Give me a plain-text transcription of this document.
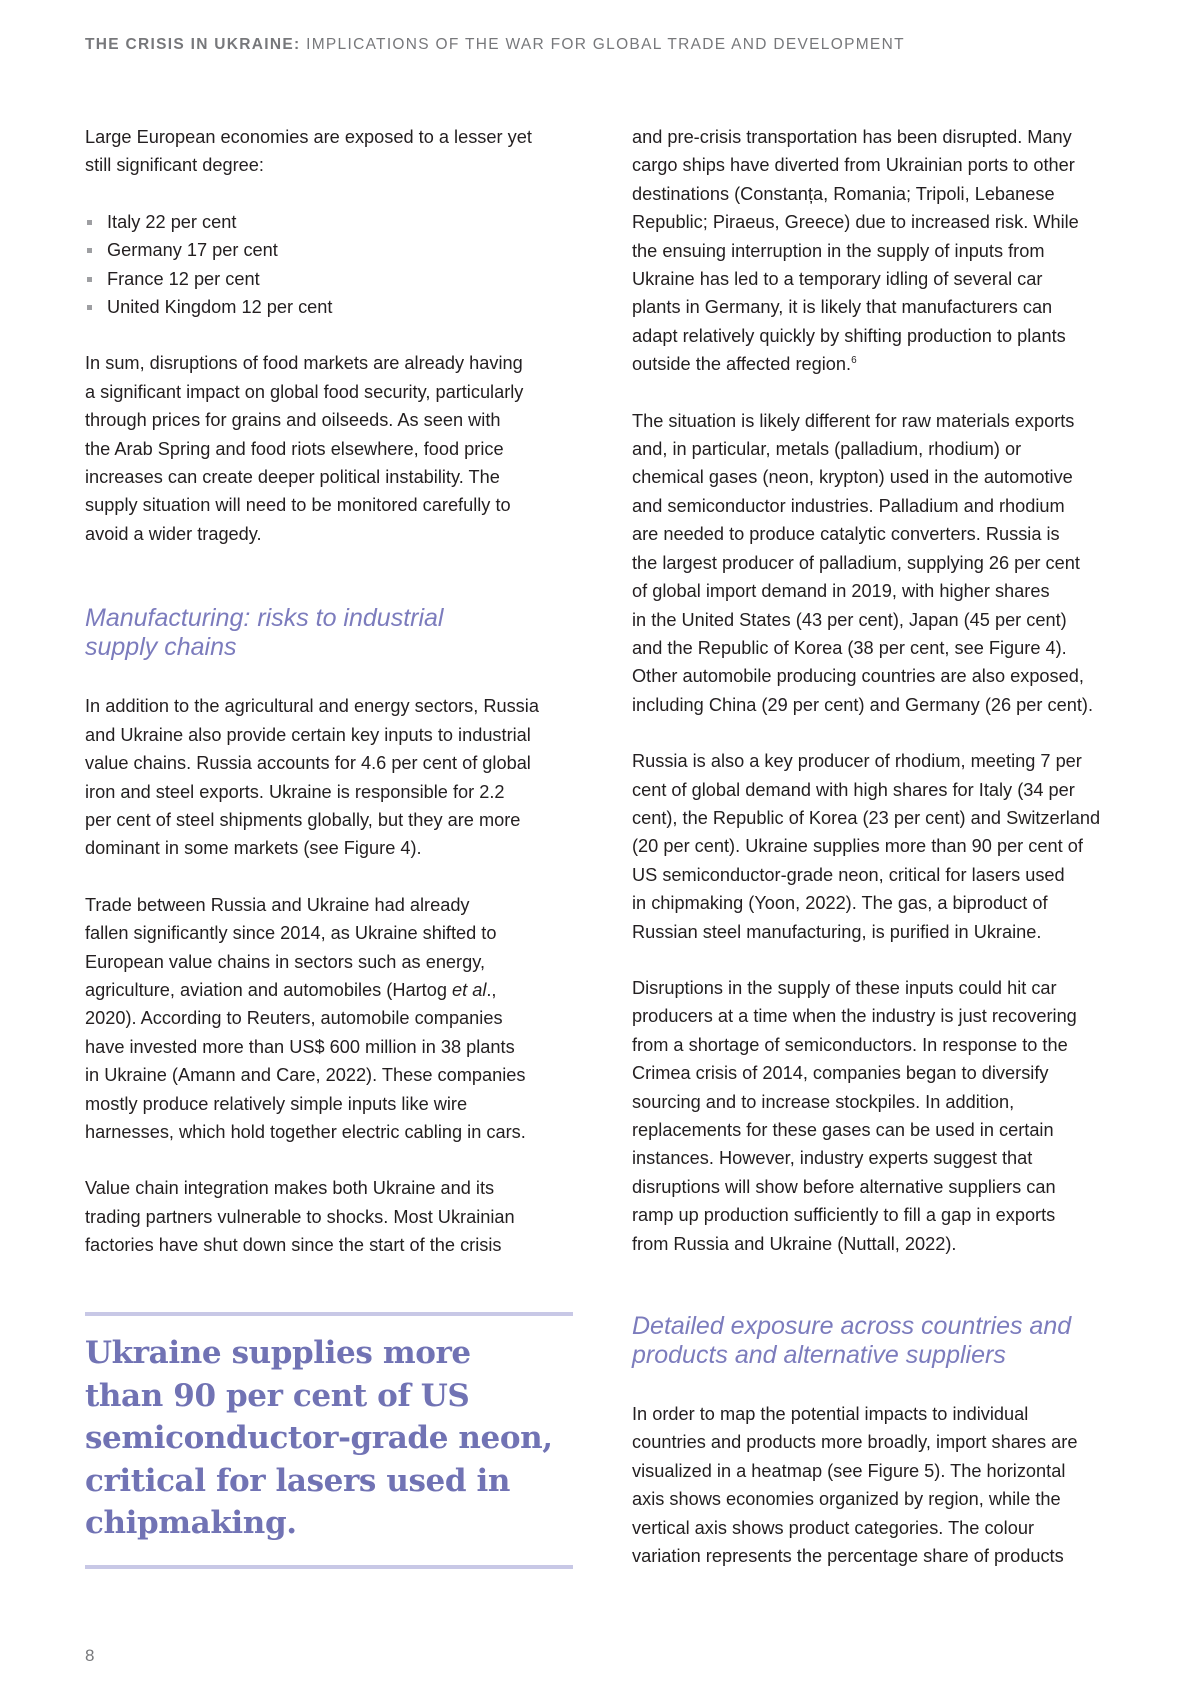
THE CRISIS IN UKRAINE: IMPLICATIONS OF THE WAR FOR GLOBAL TRADE AND DEVELOPMENT

Large European economies are exposed to a lesser yet
still significant degree:

Italy 22 per cent
Germany 17 per cent
France 12 per cent
United Kingdom 12 per cent

In sum, disruptions of food markets are already having
a significant impact on global food security, particularly
through prices for grains and oilseeds. As seen with
the Arab Spring and food riots elsewhere, food price
increases can create deeper political instability. The
supply situation will need to be monitored carefully to
avoid a wider tragedy.

Manufacturing: risks to industrial
supply chains

In addition to the agricultural and energy sectors, Russia
and Ukraine also provide certain key inputs to industrial
value chains. Russia accounts for 4.6 per cent of global
iron and steel exports. Ukraine is responsible for 2.2
per cent of steel shipments globally, but they are more
dominant in some markets (see Figure 4).

Trade between Russia and Ukraine had already
fallen significantly since 2014, as Ukraine shifted to
European value chains in sectors such as energy,
agriculture, aviation and automobiles (Hartog et al.,
2020). According to Reuters, automobile companies
have invested more than US$ 600 million in 38 plants
in Ukraine (Amann and Care, 2022). These companies
mostly produce relatively simple inputs like wire
harnesses, which hold together electric cabling in cars.

Value chain integration makes both Ukraine and its
trading partners vulnerable to shocks. Most Ukrainian
factories have shut down since the start of the crisis

Ukraine supplies more
than 90 per cent of US
semiconductor-grade neon,
critical for lasers used in
chipmaking.

and pre-crisis transportation has been disrupted. Many
cargo ships have diverted from Ukrainian ports to other
destinations (Constanța, Romania; Tripoli, Lebanese
Republic; Piraeus, Greece) due to increased risk. While
the ensuing interruption in the supply of inputs from
Ukraine has led to a temporary idling of several car
plants in Germany, it is likely that manufacturers can
adapt relatively quickly by shifting production to plants
outside the affected region.$^6$

The situation is likely different for raw materials exports
and, in particular, metals (palladium, rhodium) or
chemical gases (neon, krypton) used in the automotive
and semiconductor industries. Palladium and rhodium
are needed to produce catalytic converters. Russia is
the largest producer of palladium, supplying 26 per cent
of global import demand in 2019, with higher shares
in the United States (43 per cent), Japan (45 per cent)
and the Republic of Korea (38 per cent, see Figure 4).
Other automobile producing countries are also exposed,
including China (29 per cent) and Germany (26 per cent).

Russia is also a key producer of rhodium, meeting 7 per
cent of global demand with high shares for Italy (34 per
cent), the Republic of Korea (23 per cent) and Switzerland
(20 per cent). Ukraine supplies more than 90 per cent of
US semiconductor-grade neon, critical for lasers used
in chipmaking (Yoon, 2022). The gas, a biproduct of
Russian steel manufacturing, is purified in Ukraine.

Disruptions in the supply of these inputs could hit car
producers at a time when the industry is just recovering
from a shortage of semiconductors. In response to the
Crimea crisis of 2014, companies began to diversify
sourcing and to increase stockpiles. In addition,
replacements for these gases can be used in certain
instances. However, industry experts suggest that
disruptions will show before alternative suppliers can
ramp up production sufficiently to fill a gap in exports
from Russia and Ukraine (Nuttall, 2022).

Detailed exposure across countries and
products and alternative suppliers

In order to map the potential impacts to individual
countries and products more broadly, import shares are
visualized in a heatmap (see Figure 5). The horizontal
axis shows economies organized by region, while the
vertical axis shows product categories. The colour
variation represents the percentage share of products

8
